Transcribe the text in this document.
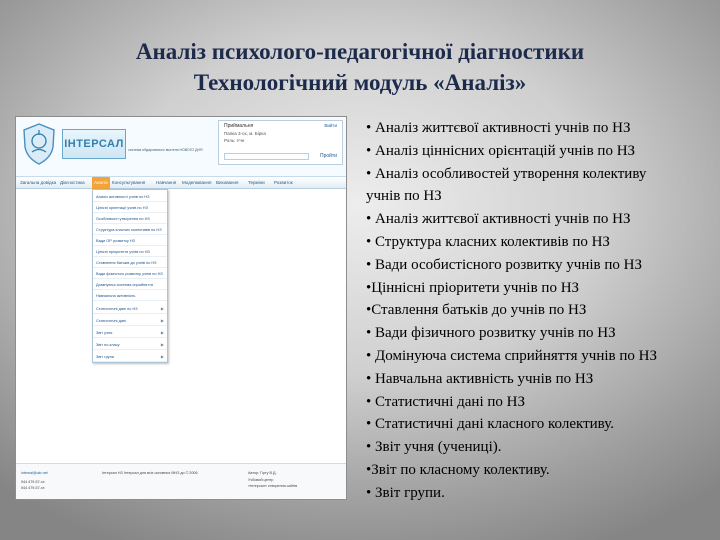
Аналіз психолого-педагогічної діагностики
Технологічний модуль «Аналіз»
ІНТЕРСАЛ	система обдарованого вчителя НОВОГО ДНЯ
Приймальня
Папка 3-ох, м. Бірка
Роль: Учн
Вийти
Пройти
Загальна довідка Діагностика	Аналіз Консультування Навчання Моделювання Виховання Терміни Розвиток
Аналіз активності учнів по НЗ
Цінісні орієнтації учнів по НЗ
Особливості утворення по НЗ
Структура класних колективів по НЗ
Вади ОР розвитку НЗ
Цінісні пріоритети учнів по НЗ
Ставлення батьків до учнів по НЗ
Вади фізичного розвитку учнів по НЗ
Домінуюча система сприйняття
Навчальна активність
Статистичні дані по НЗ	▶
Статистичні дані	▶
Звіт учня	▶
Звіт по класу	▶
Звіт групи	▶
intersal@ukr.net
044 479-57-xx
044 479-57-xx
Інтерсал НЗ Інтерсал для всіх основних МНЗ до © 2006	Автор: Гірту В.Д.
Учбовий центр
«Інтерсал» створення сайтів
• Аналіз життєвої активності учнів по НЗ
• Аналіз ціннісних орієнтацій учнів по НЗ
• Аналіз особливостей утворення колективу
учнів по НЗ
• Аналіз життєвої активності учнів по НЗ
• Структура класних колективів по НЗ
• Вади особистісного розвитку учнів по НЗ
•Ціннісні пріоритети учнів по НЗ
•Ставлення батьків до учнів по НЗ
• Вади фізичного розвитку учнів по НЗ
• Домінуюча система сприйняття учнів по НЗ
• Навчальна активність учнів по НЗ
• Статистичні дані по НЗ
• Статистичні дані класного колективу.
• Звіт учня (учениці).
•Звіт по класному колективу.
• Звіт групи.
